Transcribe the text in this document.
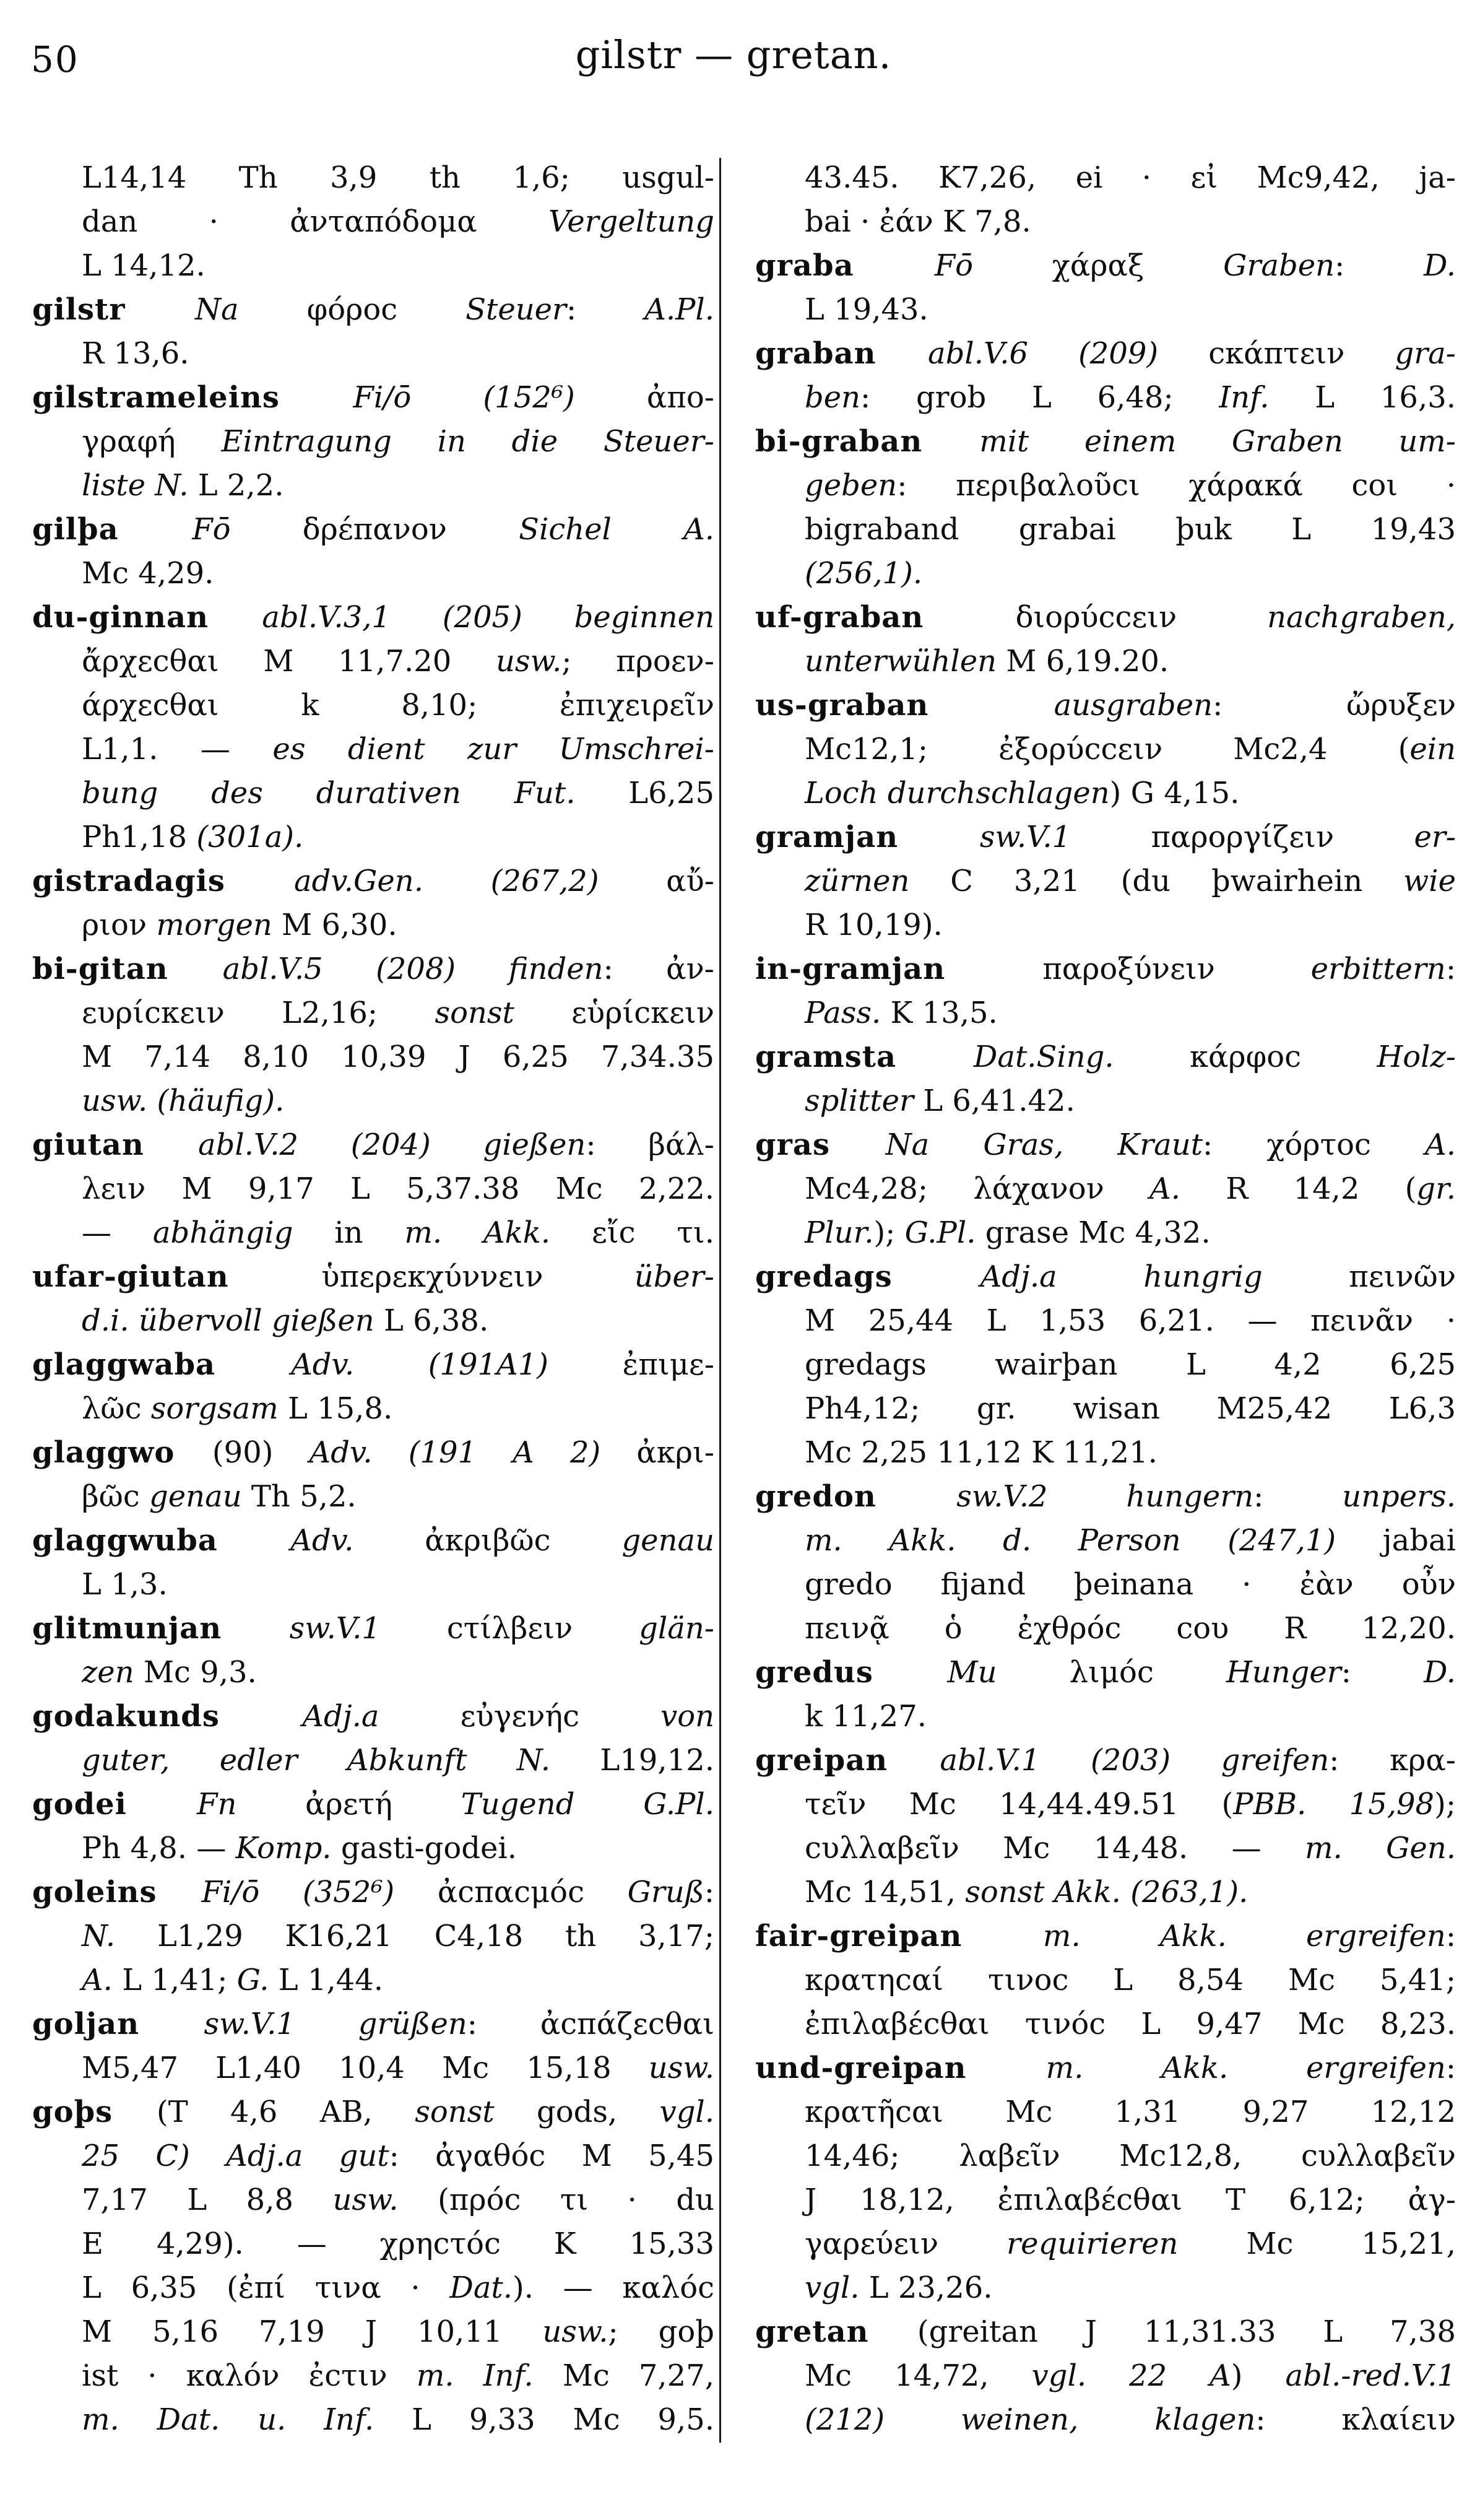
50	gilstr — gretan.
L14,14 Th 3,9 th 1,6; usgul-
dan · ἀνταπόδομα Vergeltung
L 14,12.
gilstr Na φόροc Steuer: A.Pl.
R 13,6.
gilstrameleins Fi/ō (152⁶) ἀπο-
γραφή Eintragung in die Steuer-
liste N. L 2,2.
gilþa Fō δρέπανον Sichel A.
Mc 4,29.
du-ginnan abl.V.3,1 (205) beginnen
ἄρχεcθαι M 11,7.20 usw.; προεν-
άρχεcθαι k 8,10; ἐπιχειρεῖν
L1,1. — es dient zur Umschrei-
bung des durativen Fut. L6,25
Ph1,18 (301a).
gistradagis adv.Gen. (267,2) αὔ-
ριον morgen M 6,30.
bi-gitan abl.V.5 (208) finden: ἀν-
ευρίcκειν L2,16; sonst εὑρίcκειν
M 7,14 8,10 10,39 J 6,25 7,34.35
usw. (häufig).
giutan abl.V.2 (204) gießen: βάλ-
λειν M 9,17 L 5,37.38 Mc 2,22.
— abhängig in m. Akk. εἴc τι.
ufar-giutan ὑπερεκχύννειν über-
d.i. übervoll gießen L 6,38.
glaggwaba Adv. (191A1) ἐπιμε-
λῶc sorgsam L 15,8.
glaggwo (90) Adv. (191 A 2) ἀκρι-
βῶc genau Th 5,2.
glaggwuba Adv. ἀκριβῶc genau
L 1,3.
glitmunjan sw.V.1 cτίλβειν glän-
zen Mc 9,3.
godakunds Adj.a εὐγενήc von
guter, edler Abkunft N. L19,12.
godei Fn ἀρετή Tugend G.Pl.
Ph 4,8. — Komp. gasti-godei.
goleins Fi/ō (352⁶) ἀcπαcμόc Gruß:
N. L1,29 K16,21 C4,18 th 3,17;
A. L 1,41; G. L 1,44.
goljan sw.V.1 grüßen: ἀcπάζεcθαι
M5,47 L1,40 10,4 Mc 15,18 usw.
goþs (T 4,6 AB, sonst gods, vgl.
25 C) Adj.a gut: ἀγαθόc M 5,45
7,17 L 8,8 usw. (πρόc τι · du
E 4,29). — χρηcτόc K 15,33
L 6,35 (ἐπί τινα · Dat.). — καλόc
M 5,16 7,19 J 10,11 usw.; goþ
ist · καλόν ἐcτιν m. Inf. Mc 7,27,
m. Dat. u. Inf. L 9,33 Mc 9,5.
43.45. K7,26, ei · εἰ Mc9,42, ja-
bai · ἐάν K 7,8.
graba Fō χάραξ Graben: D.
L 19,43.
graban abl.V.6 (209) cκάπτειν gra-
ben: grob L 6,48; Inf. L 16,3.
bi-graban mit einem Graben um-
geben: περιβαλοῦcι χάρακά cοι ·
bigraband grabai þuk L 19,43
(256,1).
uf-graban διορύccειν nachgraben,
unterwühlen M 6,19.20.
us-graban ausgraben: ὤρυξεν
Mc12,1; ἐξορύccειν Mc2,4 (ein
Loch durchschlagen) G 4,15.
gramjan sw.V.1 παροργίζειν er-
zürnen C 3,21 (du þwairhein wie
R 10,19).
in-gramjan παροξύνειν erbittern:
Pass. K 13,5.
gramsta Dat.Sing. κάρφοc Holz-
splitter L 6,41.42.
gras Na Gras, Kraut: χόρτοc A.
Mc4,28; λάχανον A. R 14,2 (gr.
Plur.); G.Pl. grase Mc 4,32.
gredags Adj.a hungrig πεινῶν
M 25,44 L 1,53 6,21. — πεινᾶν ·
gredags wairþan L 4,2 6,25
Ph4,12; gr. wisan M25,42 L6,3
Mc 2,25 11,12 K 11,21.
gredon sw.V.2 hungern: unpers.
m. Akk. d. Person (247,1) jabai
gredo fijand þeinana · ἐὰν οὖν
πεινᾷ ὁ ἐχθρόc cου R 12,20.
gredus Mu λιμόc Hunger: D.
k 11,27.
greipan abl.V.1 (203) greifen: κρα-
τεῖν Mc 14,44.49.51 (PBB. 15,98);
cυλλαβεῖν Mc 14,48. — m. Gen.
Mc 14,51, sonst Akk. (263,1).
fair-greipan m. Akk. ergreifen:
κρατηcαί τινοc L 8,54 Mc 5,41;
ἐπιλαβέcθαι τινόc L 9,47 Mc 8,23.
und-greipan m. Akk. ergreifen:
κρατῆcαι Mc 1,31 9,27 12,12
14,46; λαβεῖν Mc12,8, cυλλαβεῖν
J 18,12, ἐπιλαβέcθαι T 6,12; ἀγ-
γαρεύειν requirieren Mc 15,21,
vgl. L 23,26.
gretan (greitan J 11,31.33 L 7,38
Mc 14,72, vgl. 22 A) abl.-red.V.1
(212) weinen, klagen: κλαίειν
